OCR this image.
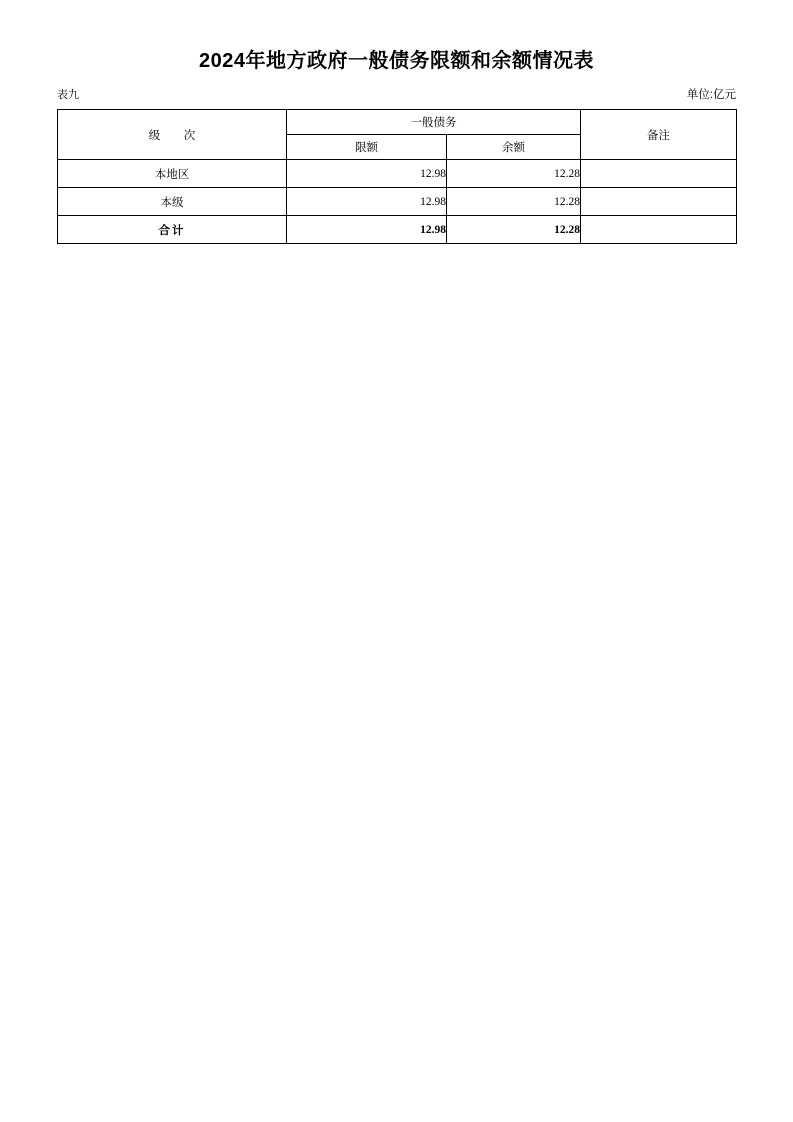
2024年地方政府一般债务限额和余额情况表
表九	单位:亿元
级　次	一般债务		备注
	限额	余额	
本地区	12.98	12.28	
本级	12.98	12.28	
合计	12.98	12.28	
